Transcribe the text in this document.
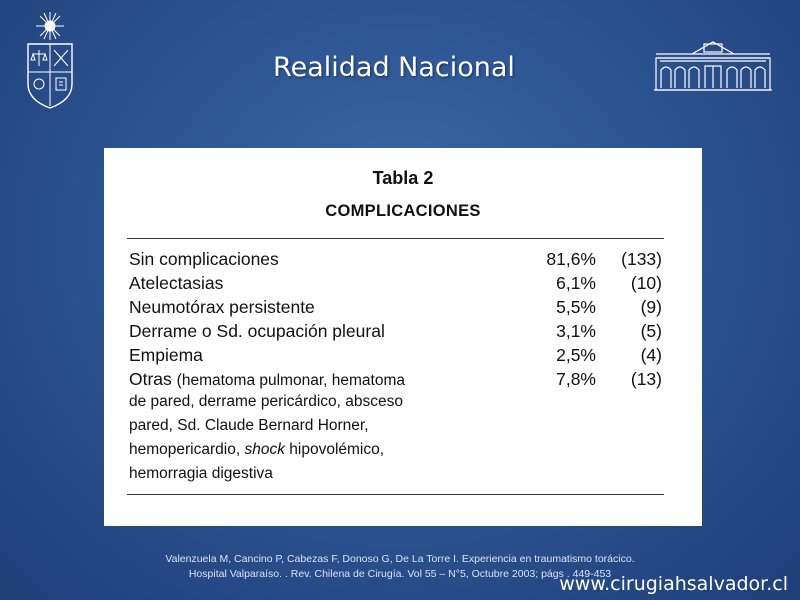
Realidad Nacional
Tabla 2
COMPLICACIONES
Sin complicaciones	81,6% (133)
Atelectasias	6,1% (10)
Neumotórax persistente	5,5%	(9)
Derrame o Sd. ocupación pleural	3,1%	(5)
Empiema	2,5%	(4)
Otras (hematoma pulmonar, hematoma	7,8% (13)
de pared, derrame pericárdico, absceso
pared, Sd. Claude Bernard Horner,
hemopericardio, shock hipovolémico,
hemorragia digestiva
Valenzuela M, Cancino P, Cabezas F, Donoso G, De La Torre I. Experiencia en traumatismo torácico.
Hospital Valparaíso. . Rev. Chilena de Cirugía. Vol 55 – N°5, Octubre 2003; págs . 449-453
www.cirugiahsalvador.cl
